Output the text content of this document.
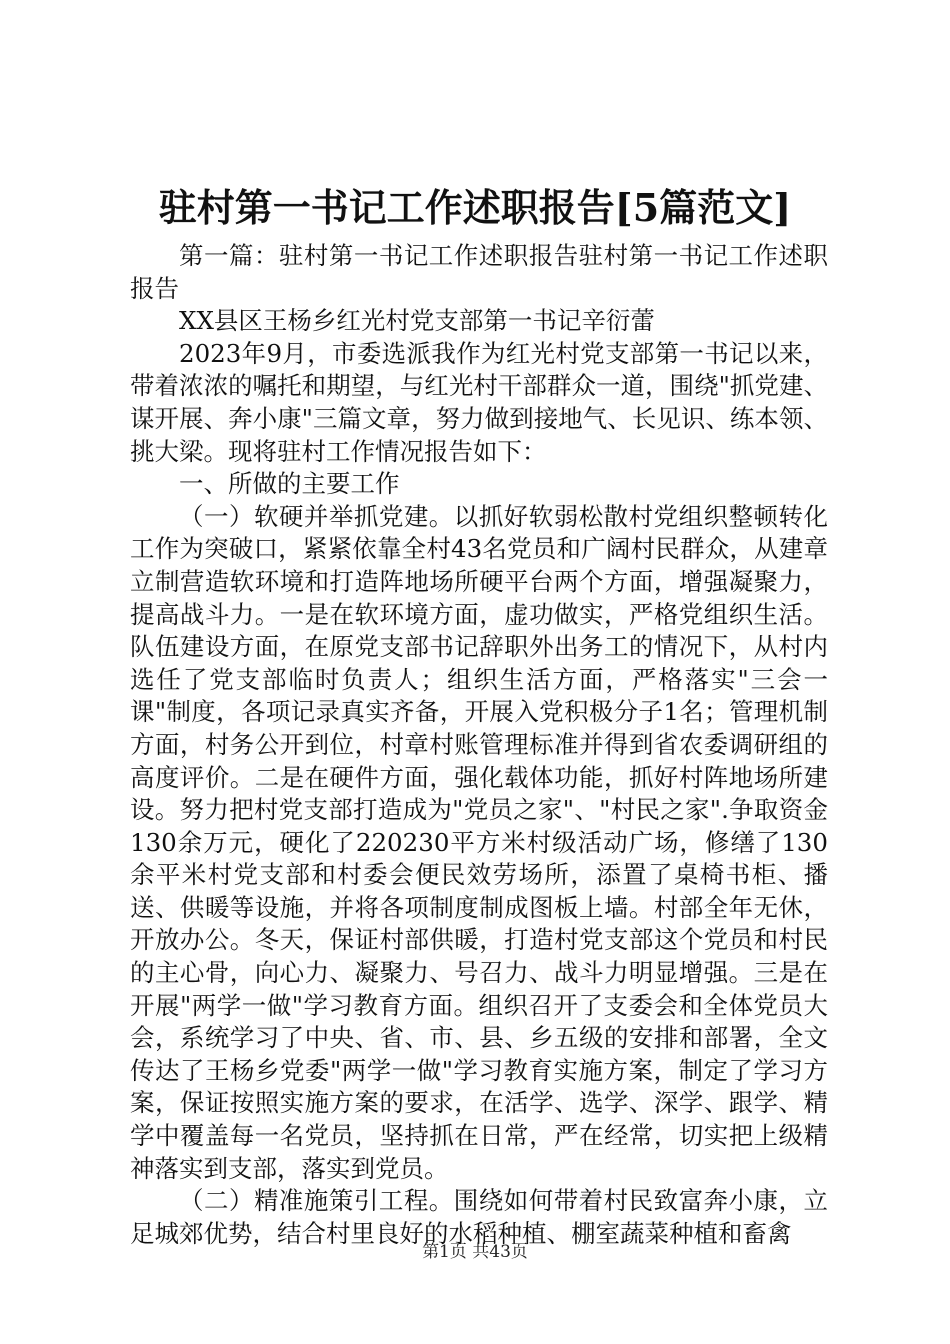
驻村第一书记工作述职报告[5篇范文]

第一篇：驻村第一书记工作述职报告驻村第一书记工作述职报告

XX县区王杨乡红光村党支部第一书记辛衍蕾

2023年9月，市委选派我作为红光村党支部第一书记以来，带着浓浓的嘱托和期望，与红光村干部群众一道，围绕"抓党建、谋开展、奔小康"三篇文章，努力做到接地气、长见识、练本领、挑大梁。现将驻村工作情况报告如下：

一、所做的主要工作

（一）软硬并举抓党建。以抓好软弱松散村党组织整顿转化工作为突破口，紧紧依靠全村43名党员和广阔村民群众，从建章立制营造软环境和打造阵地场所硬平台两个方面，增强凝聚力，提高战斗力。一是在软环境方面，虚功做实，严格党组织生活。队伍建设方面，在原党支部书记辞职外出务工的情况下，从村内选任了党支部临时负责人；组织生活方面，严格落实"三会一课"制度，各项记录真实齐备，开展入党积极分子1名；管理机制方面，村务公开到位，村章村账管理标准并得到省农委调研组的高度评价。二是在硬件方面，强化载体功能，抓好村阵地场所建设。努力把村党支部打造成为"党员之家"、"村民之家".争取资金130余万元，硬化了220230平方米村级活动广场，修缮了130余平米村党支部和村委会便民效劳场所，添置了桌椅书柜、播送、供暖等设施，并将各项制度制成图板上墙。村部全年无休，开放办公。冬天，保证村部供暖，打造村党支部这个党员和村民的主心骨，向心力、凝聚力、号召力、战斗力明显增强。三是在开展"两学一做"学习教育方面。组织召开了支委会和全体党员大会，系统学习了中央、省、市、县、乡五级的安排和部署，全文传达了王杨乡党委"两学一做"学习教育实施方案，制定了学习方案，保证按照实施方案的要求，在活学、选学、深学、跟学、精学中覆盖每一名党员，坚持抓在日常，严在经常，切实把上级精神落实到支部，落实到党员。

（二）精准施策引工程。围绕如何带着村民致富奔小康，立足城郊优势，结合村里良好的水稻种植、棚室蔬菜种植和畜禽

第1页 共43页
